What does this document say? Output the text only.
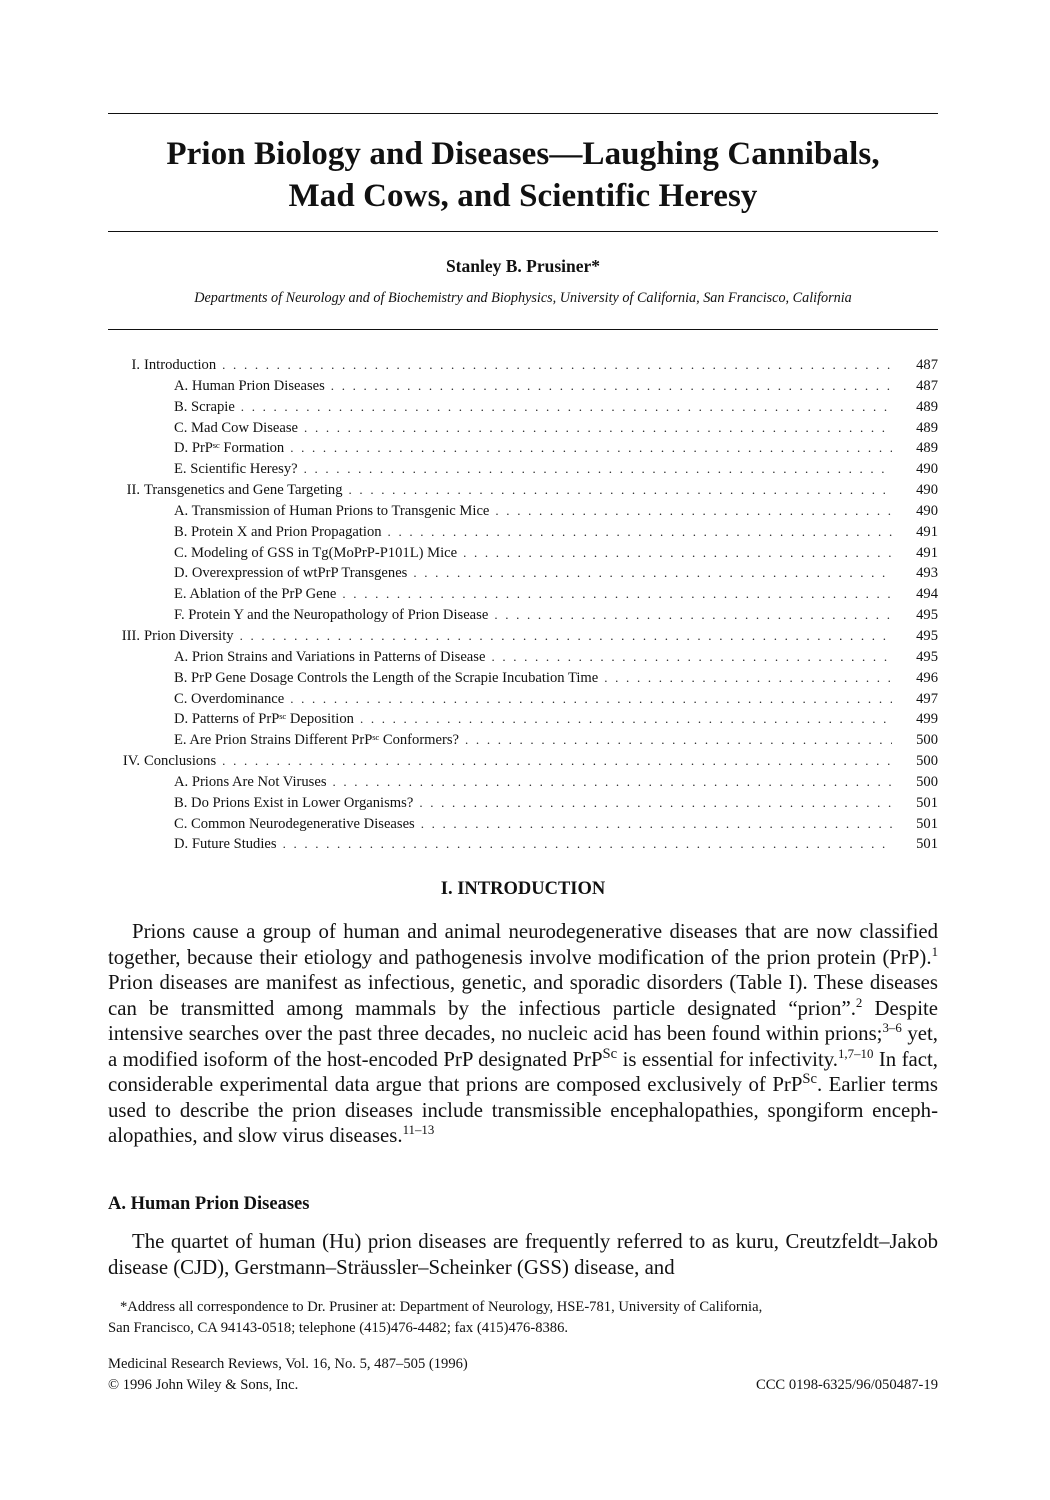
Prion Biology and Diseases—Laughing Cannibals,
Mad Cows, and Scientific Heresy
Stanley B. Prusiner*
Departments of Neurology and of Biochemistry and Biophysics, University of California, San Francisco, California
I. Introduction . . .	487
A. Human Prion Diseases . . .	487
B. Scrapie . . .	489
C. Mad Cow Disease . . .	489
D. PrPˢᶜ Formation . . .	489
E. Scientific Heresy? . . .	490
II. Transgenetics and Gene Targeting . . .	490
A. Transmission of Human Prions to Transgenic Mice . . .	490
B. Protein X and Prion Propagation . . .	491
C. Modeling of GSS in Tg(MoPrP-P101L) Mice . . .	491
D. Overexpression of wtPrP Transgenes . . .	493
E. Ablation of the PrP Gene . . .	494
F. Protein Y and the Neuropathology of Prion Disease . . .	495
III. Prion Diversity . . .	495
A. Prion Strains and Variations in Patterns of Disease . . .	495
B. PrP Gene Dosage Controls the Length of the Scrapie Incubation Time . . .	496
C. Overdominance . . .	497
D. Patterns of PrPˢᶜ Deposition . . .	499
E. Are Prion Strains Different PrPˢᶜ Conformers? . . .	500
IV. Conclusions . . .	500
A. Prions Are Not Viruses . . .	500
B. Do Prions Exist in Lower Organisms? . . .	501
C. Common Neurodegenerative Diseases . . .	501
D. Future Studies . . .	501
I. INTRODUCTION
Prions cause a group of human and animal neurodegenerative diseases that are now classified together, because their etiology and pathogenesis involve modification of the prion protein (PrP).$^1$ Prion diseases are manifest as infectious, genetic, and sporadic disorders (Table I). These diseases can be transmitted among mammals by the infectious particle designated “prion”.$^2$ Despite intensive searches over the past three decades, no nucleic acid has been found within prions;$^{3-6}$ yet, a modified isoform of the host-encoded PrP designated PrP$^{Sc}$ is essential for infectivity.$^{1,7-10}$ In fact, considerable experimental data argue that prions are composed exclusively of PrP$^{Sc}$. Earlier terms used to describe the prion diseases include transmissible encephalopathies, spongiform encephalopathies, and slow virus diseases.$^{11-13}$
A. Human Prion Diseases
The quartet of human (Hu) prion diseases are frequently referred to as kuru, Creutzfeldt–Jakob disease (CJD), Gerstmann–Sträussler–Scheinker (GSS) disease, and
*Address all correspondence to Dr. Prusiner at: Department of Neurology, HSE-781, University of California,
San Francisco, CA 94143-0518; telephone (415)476-4482; fax (415)476-8386.
Medicinal Research Reviews, Vol. 16, No. 5, 487–505 (1996)
© 1996 John Wiley & Sons, Inc.	CCC 0198-6325/96/050487-19
